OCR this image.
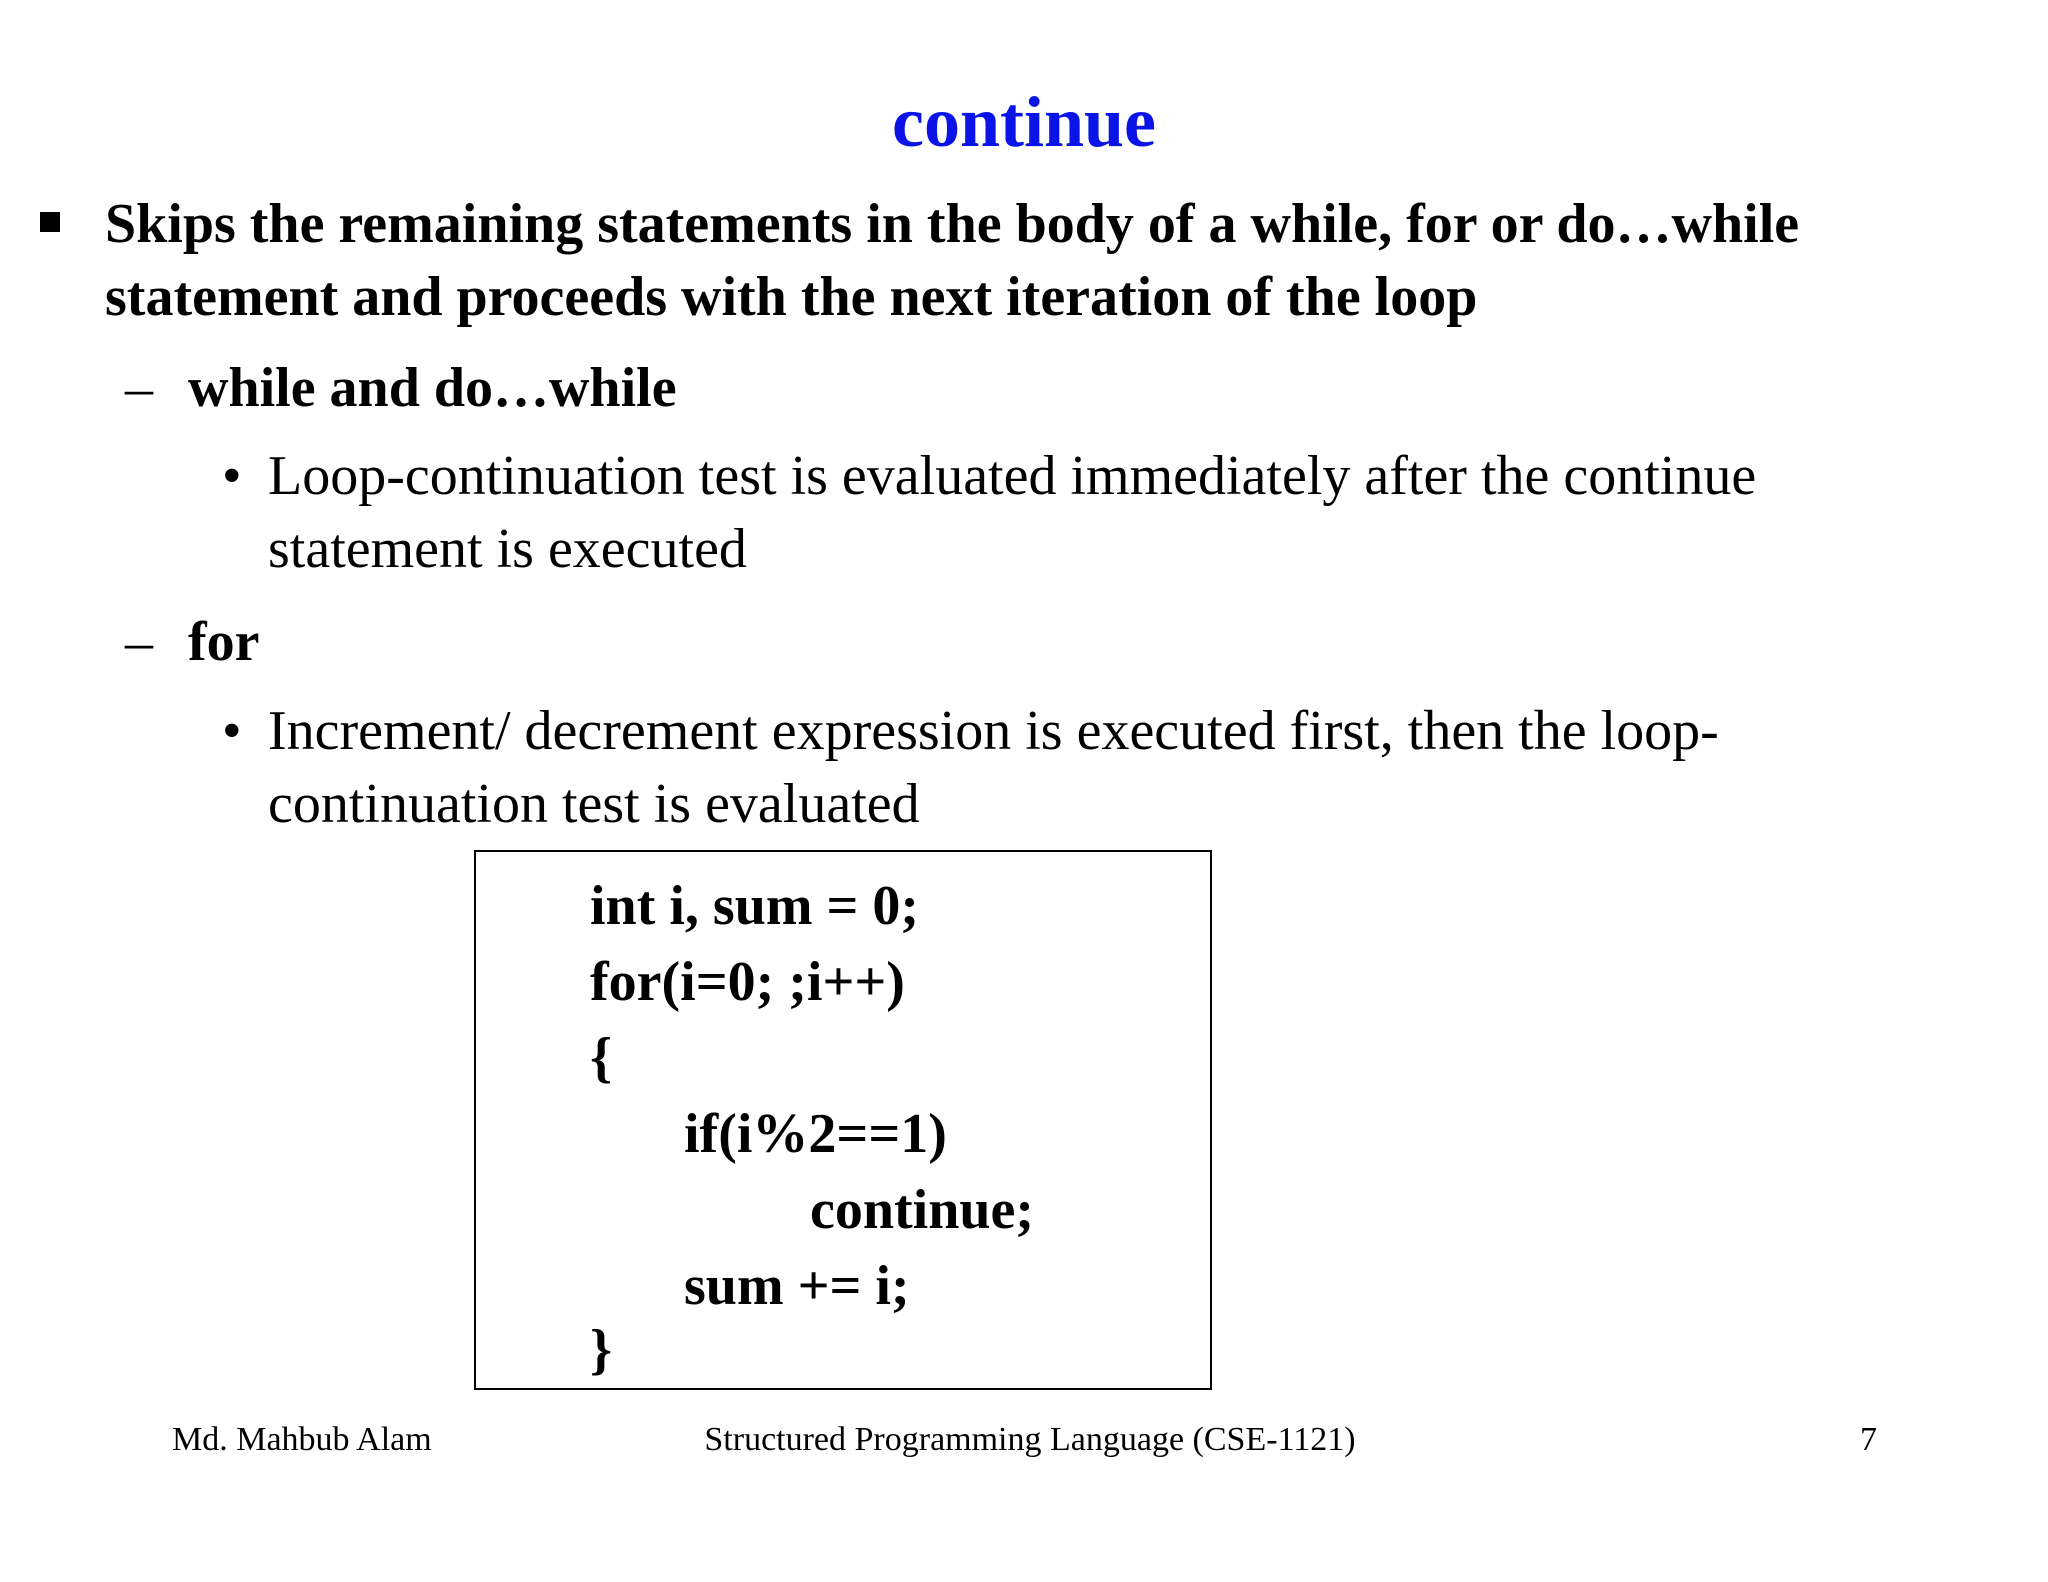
continue
Skips the remaining statements in the body of a while, for or do…while statement and proceeds with the next iteration of the loop
– while and do…while
• Loop-continuation test is evaluated immediately after the continue statement is executed
– for
• Increment/ decrement expression is executed first, then the loop-continuation test is evaluated
int i, sum = 0;
for(i=0; ;i++)
{
if(i%2==1)
continue;
sum += i;
}
Md. Mahbub Alam	Structured Programming Language (CSE-1121)	7
